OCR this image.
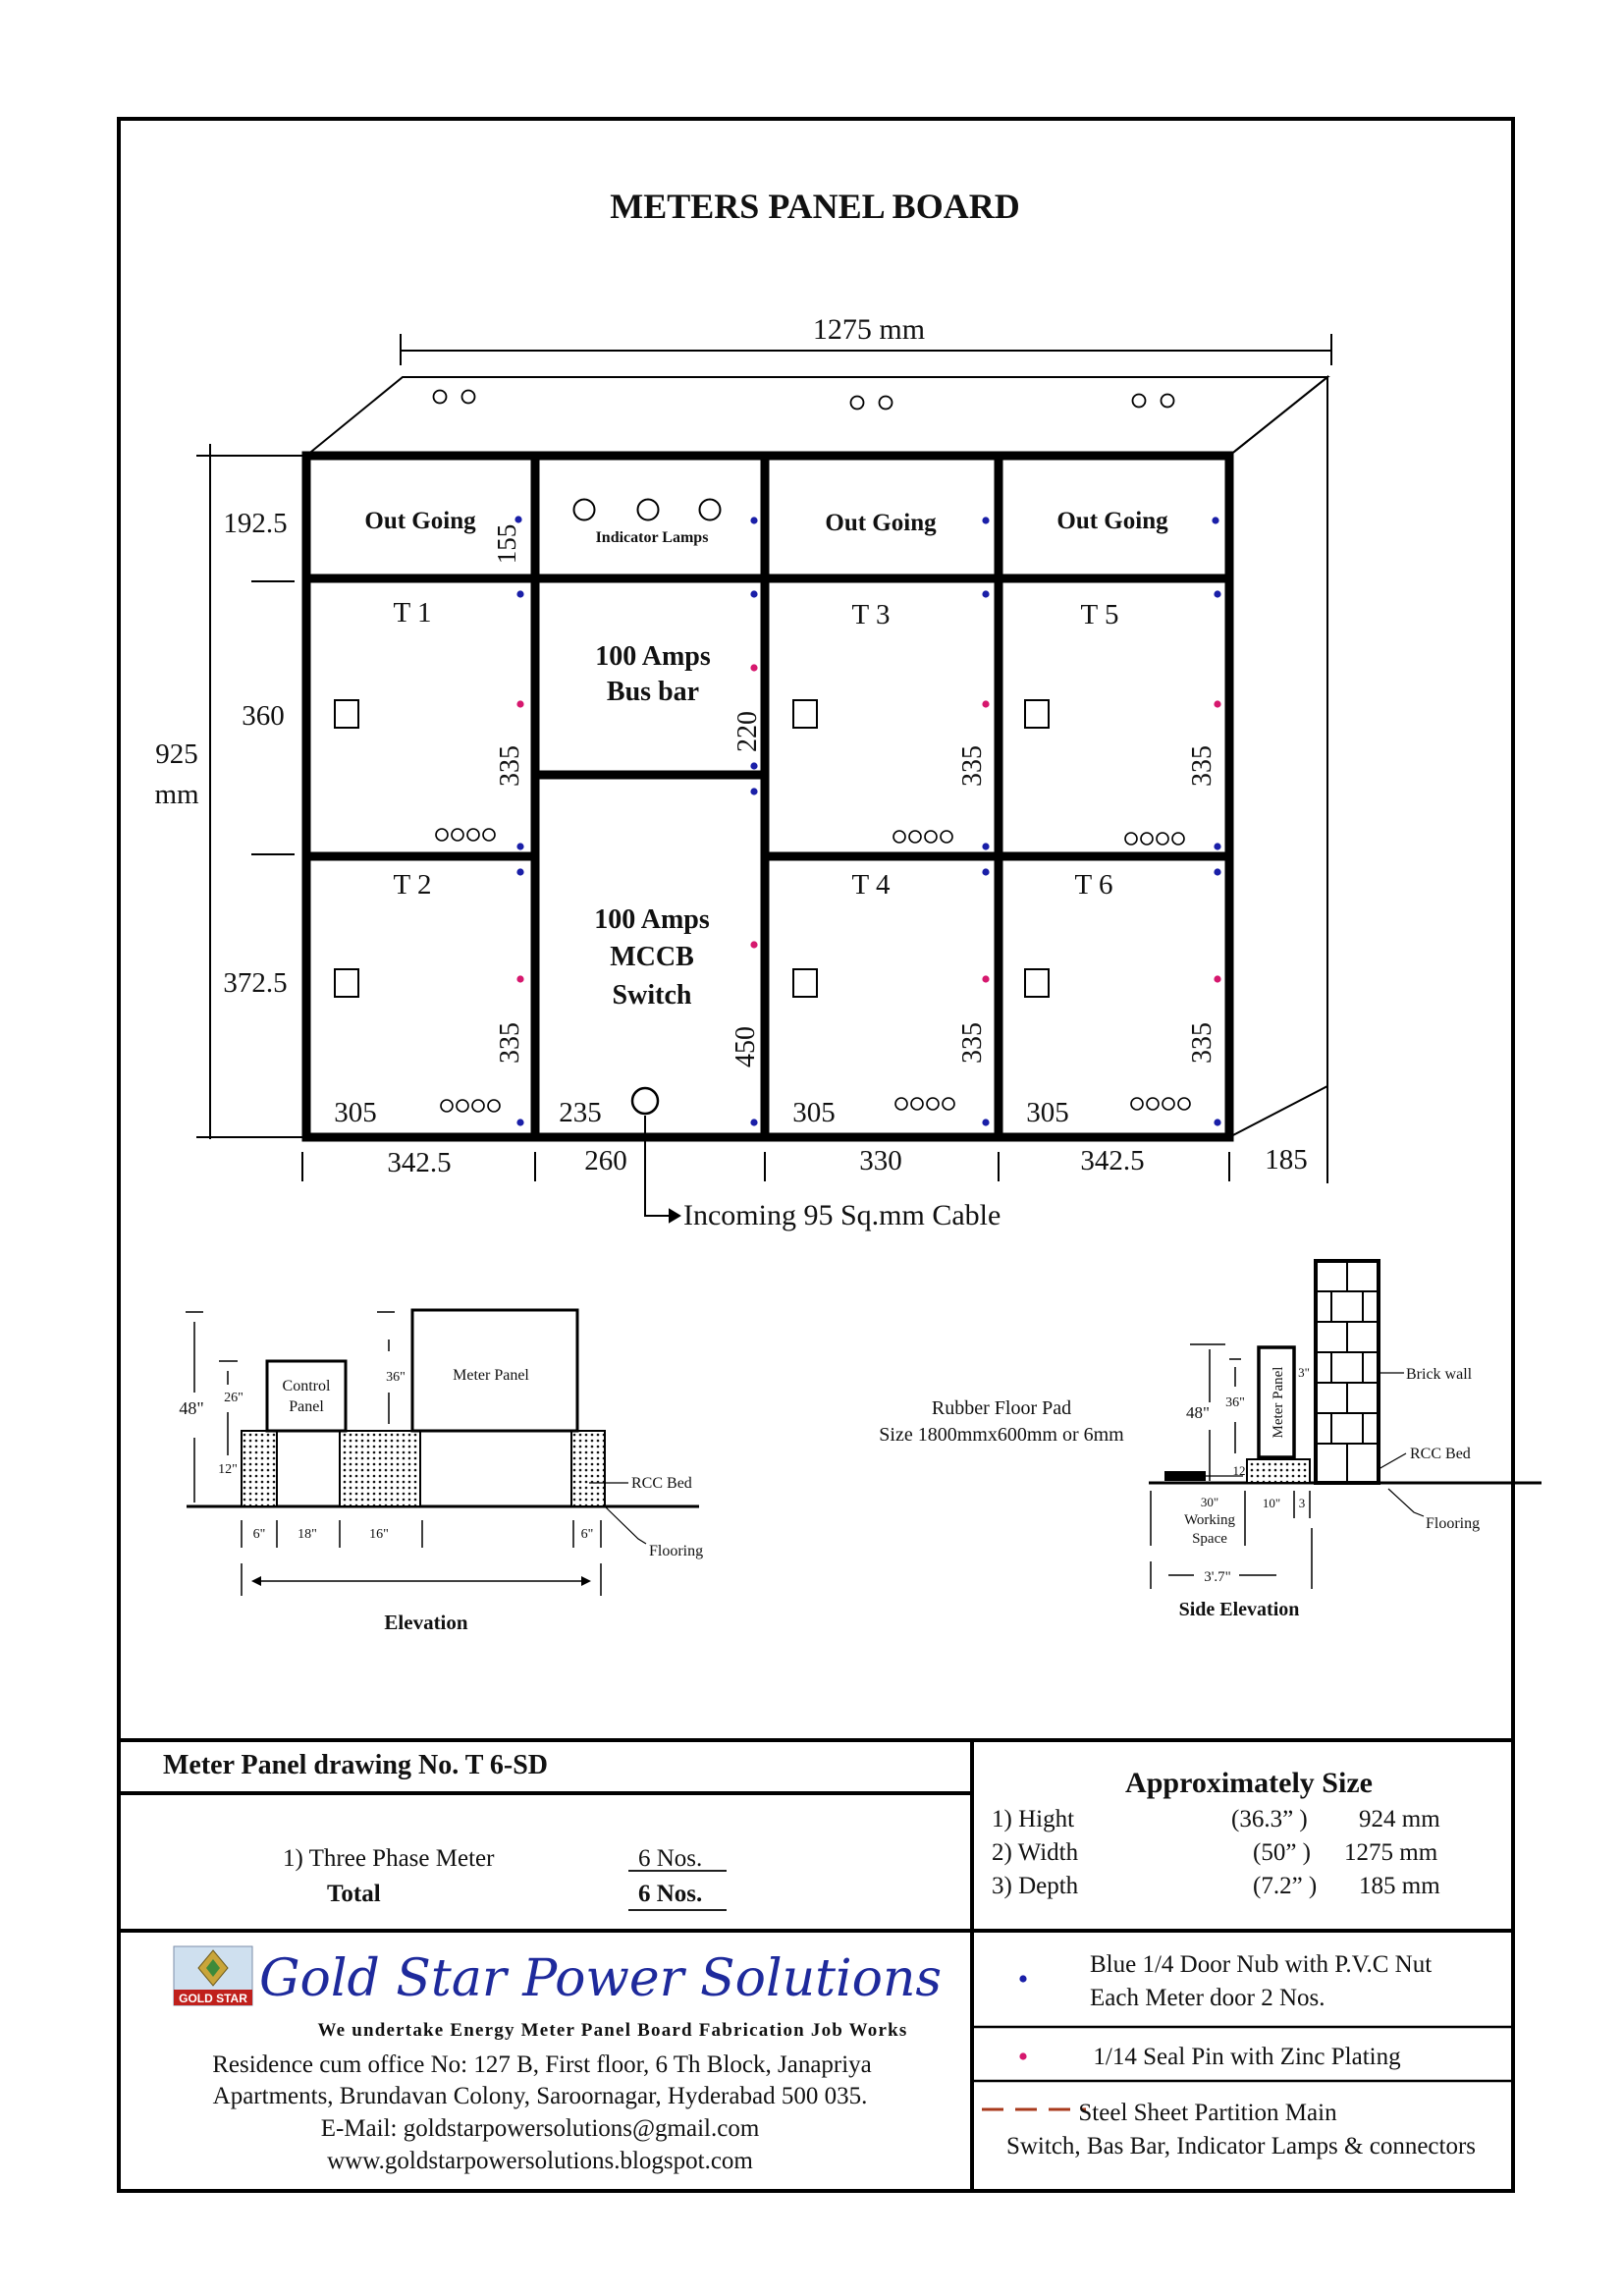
METERS PANEL BOARD
1275 mm
192.5
360
372.5
925
mm
Out Going
155	Indicator Lamps
Out Going	Out Going
100 Amps
Bus bar
220
100 Amps
MCCB
Switch
450
235
T 1
T 2
T 3
T 4
T 5
T 6
335
335
335
335
335
335
305	305	305
342.5	260	330	342.5	185
Incoming 95 Sq.mm Cable
Control
Panel
Meter Panel
48"
26"
36"
12"
6" 18"	16"	6"
RCC Bed
Flooring
Elevation
Meter Panel
Rubber Floor Pad
Size 1800mmx600mm or 6mm
48"
36"
3"
12
Brick wall
RCC Bed
Flooring
30"
Working
Space
10" 3
3'.7"
Side Elevation
Meter Panel drawing No. T 6-SD
1) Three Phase Meter	6 Nos.
Total	6 Nos.
Approximately Size
1) Hight	(36.3” ) 924 mm
2) Width	(50” ) 1275 mm
3) Depth	(7.2” ) 185 mm
GOLD STAR Gold Star Power Solutions
We undertake Energy Meter Panel Board Fabrication Job Works
Residence cum office No: 127 B, First floor, 6 Th Block, Janapriya
Apartments, Brundavan Colony, Saroornagar, Hyderabad 500 035.
E-Mail: goldstarpowersolutions@gmail.com
www.goldstarpowersolutions.blogspot.com
Blue 1/4 Door Nub with P.V.C Nut
Each Meter door 2 Nos.
1/14 Seal Pin with Zinc Plating
Steel Sheet Partition Main
Switch, Bas Bar, Indicator Lamps & connectors
